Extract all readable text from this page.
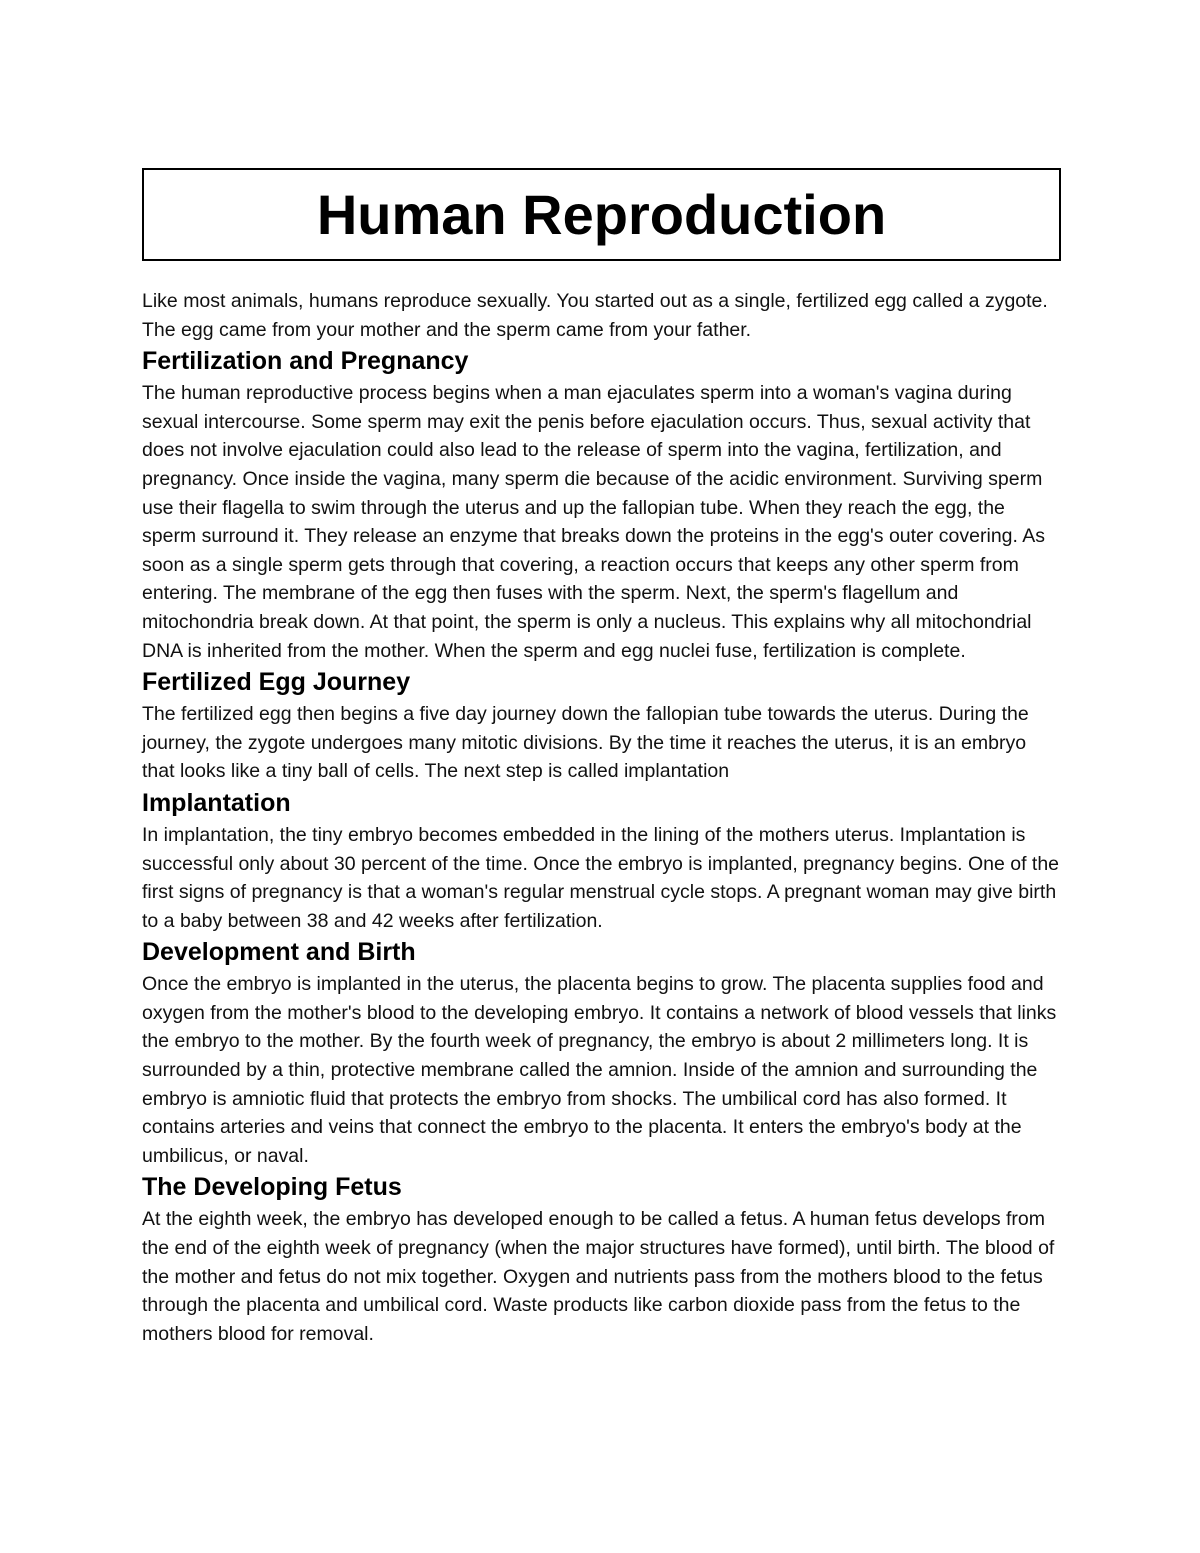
Human Reproduction

Like most animals, humans reproduce sexually. You started out as a single, fertilized egg called a zygote. The egg came from your mother and the sperm came from your father.

Fertilization and Pregnancy

The human reproductive process begins when a man ejaculates sperm into a woman's vagina during sexual intercourse. Some sperm may exit the penis before ejaculation occurs. Thus, sexual activity that does not involve ejaculation could also lead to the release of sperm into the vagina, fertilization, and pregnancy. Once inside the vagina, many sperm die because of the acidic environment. Surviving sperm use their flagella to swim through the uterus and up the fallopian tube. When they reach the egg, the sperm surround it. They release an enzyme that breaks down the proteins in the egg's outer covering. As soon as a single sperm gets through that covering, a reaction occurs that keeps any other sperm from entering. The membrane of the egg then fuses with the sperm. Next, the sperm's flagellum and mitochondria break down. At that point, the sperm is only a nucleus. This explains why all mitochondrial DNA is inherited from the mother. When the sperm and egg nuclei fuse, fertilization is complete.

Fertilized Egg Journey

The fertilized egg then begins a five day journey down the fallopian tube towards the uterus. During the journey, the zygote undergoes many mitotic divisions. By the time it reaches the uterus, it is an embryo that looks like a tiny ball of cells. The next step is called implantation

Implantation

In implantation, the tiny embryo becomes embedded in the lining of the mothers uterus. Implantation is successful only about 30 percent of the time. Once the embryo is implanted, pregnancy begins. One of the first signs of pregnancy is that a woman's regular menstrual cycle stops. A pregnant woman may give birth to a baby between 38 and 42 weeks after fertilization.

Development and Birth

Once the embryo is implanted in the uterus, the placenta begins to grow. The placenta supplies food and oxygen from the mother's blood to the developing embryo. It contains a network of blood vessels that links the embryo to the mother. By the fourth week of pregnancy, the embryo is about 2 millimeters long. It is surrounded by a thin, protective membrane called the amnion. Inside of the amnion and surrounding the embryo is amniotic fluid that protects the embryo from shocks. The umbilical cord has also formed. It contains arteries and veins that connect the embryo to the placenta. It enters the embryo's body at the umbilicus, or naval.

The Developing Fetus

At the eighth week, the embryo has developed enough to be called a fetus. A human fetus develops from the end of the eighth week of pregnancy (when the major structures have formed), until birth. The blood of the mother and fetus do not mix together. Oxygen and nutrients pass from the mothers blood to the fetus through the placenta and umbilical cord. Waste products like carbon dioxide pass from the fetus to the mothers blood for removal.
